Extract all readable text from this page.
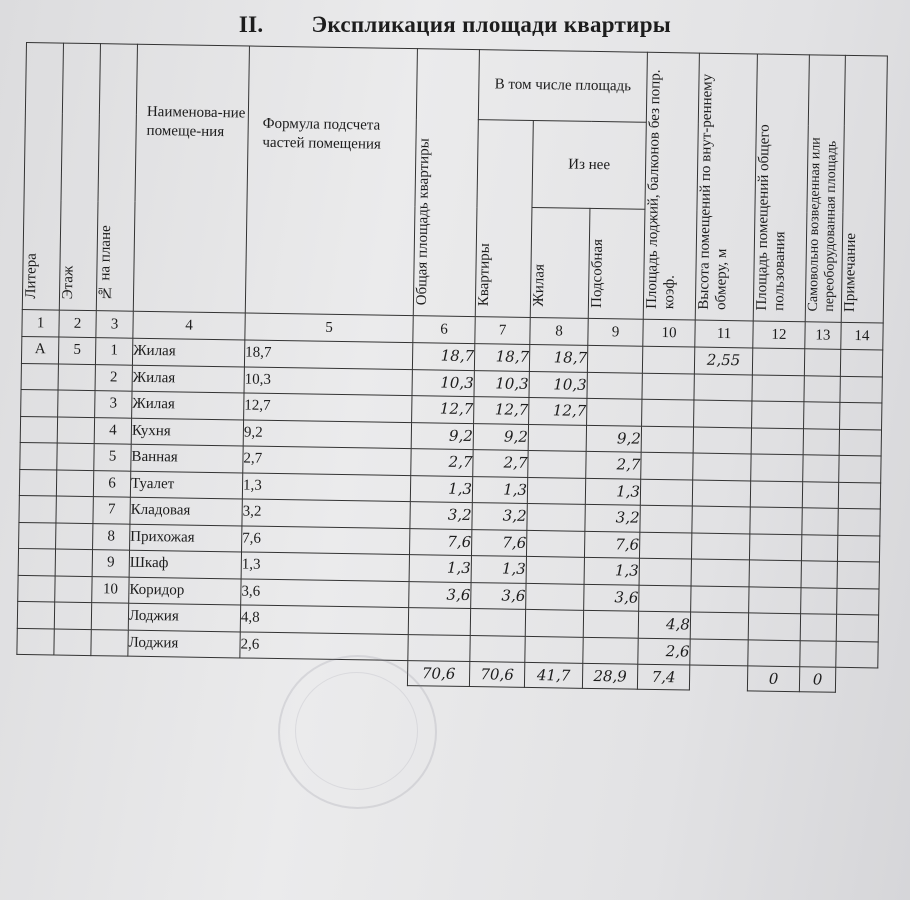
II. Экспликация площади квартиры
Литера	Этаж	№ на плане	Наименова-ние помеще-ния	Формула подсчета частей помещения	Общая площадь квартиры	В том числе площадь			Площадь лоджий, балконов без попр. коэф.	Высота помещений по внут-реннему обмеру, м	Площадь помещений общего пользования	Самовольно возведенная или переоборудованная площадь	Примечание
						Квартиры	Из нее						
							Жилая	Подсобная					
1	2	3	4	5	6	7	8	9	10	11	12	13	14
А	5	1	Жилая	18,7	18,7	18,7	18,7			2,55			
		2	Жилая	10,3	10,3	10,3	10,3						
		3	Жилая	12,7	12,7	12,7	12,7						
		4	Кухня	9,2	9,2	9,2		9,2					
		5	Ванная	2,7	2,7	2,7		2,7					
		6	Туалет	1,3	1,3	1,3		1,3					
		7	Кладовая	3,2	3,2	3,2		3,2					
		8	Прихожая	7,6	7,6	7,6		7,6					
		9	Шкаф	1,3	1,3	1,3		1,3					
		10	Коридор	3,6	3,6	3,6		3,6					
			Лоджия	4,8					4,8				
			Лоджия	2,6					2,6				
					70,6	70,6	41,7	28,9	7,4		0	0	
